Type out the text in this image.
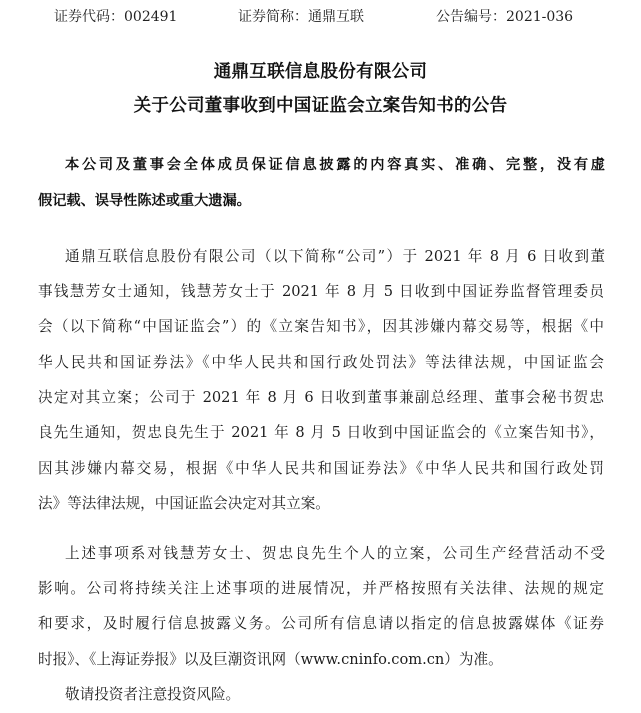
证券代码：002491	证券简称：通鼎互联	公告编号：2021-036
通鼎互联信息股份有限公司
关于公司董事收到中国证监会立案告知书的公告
本公司及董事会全体成员保证信息披露的内容真实、准确、完整，没有虚
假记载、误导性陈述或重大遗漏。
通鼎互联信息股份有限公司（以下简称“公司”）于 2021 年 8 月 6 日收到董
事钱慧芳女士通知，钱慧芳女士于 2021 年 8 月 5 日收到中国证券监督管理委员
会（以下简称“中国证监会”）的《立案告知书》，因其涉嫌内幕交易等，根据《中
华人民共和国证券法》《中华人民共和国行政处罚法》等法律法规，中国证监会
决定对其立案；公司于 2021 年 8 月 6 日收到董事兼副总经理、董事会秘书贺忠
良先生通知，贺忠良先生于 2021 年 8 月 5 日收到中国证监会的《立案告知书》，
因其涉嫌内幕交易，根据《中华人民共和国证券法》《中华人民共和国行政处罚
法》等法律法规，中国证监会决定对其立案。
上述事项系对钱慧芳女士、贺忠良先生个人的立案，公司生产经营活动不受
影响。公司将持续关注上述事项的进展情况，并严格按照有关法律、法规的规定
和要求，及时履行信息披露义务。公司所有信息请以指定的信息披露媒体《证券
时报》、《上海证券报》以及巨潮资讯网（www.cninfo.com.cn）为准。
敬请投资者注意投资风险。
